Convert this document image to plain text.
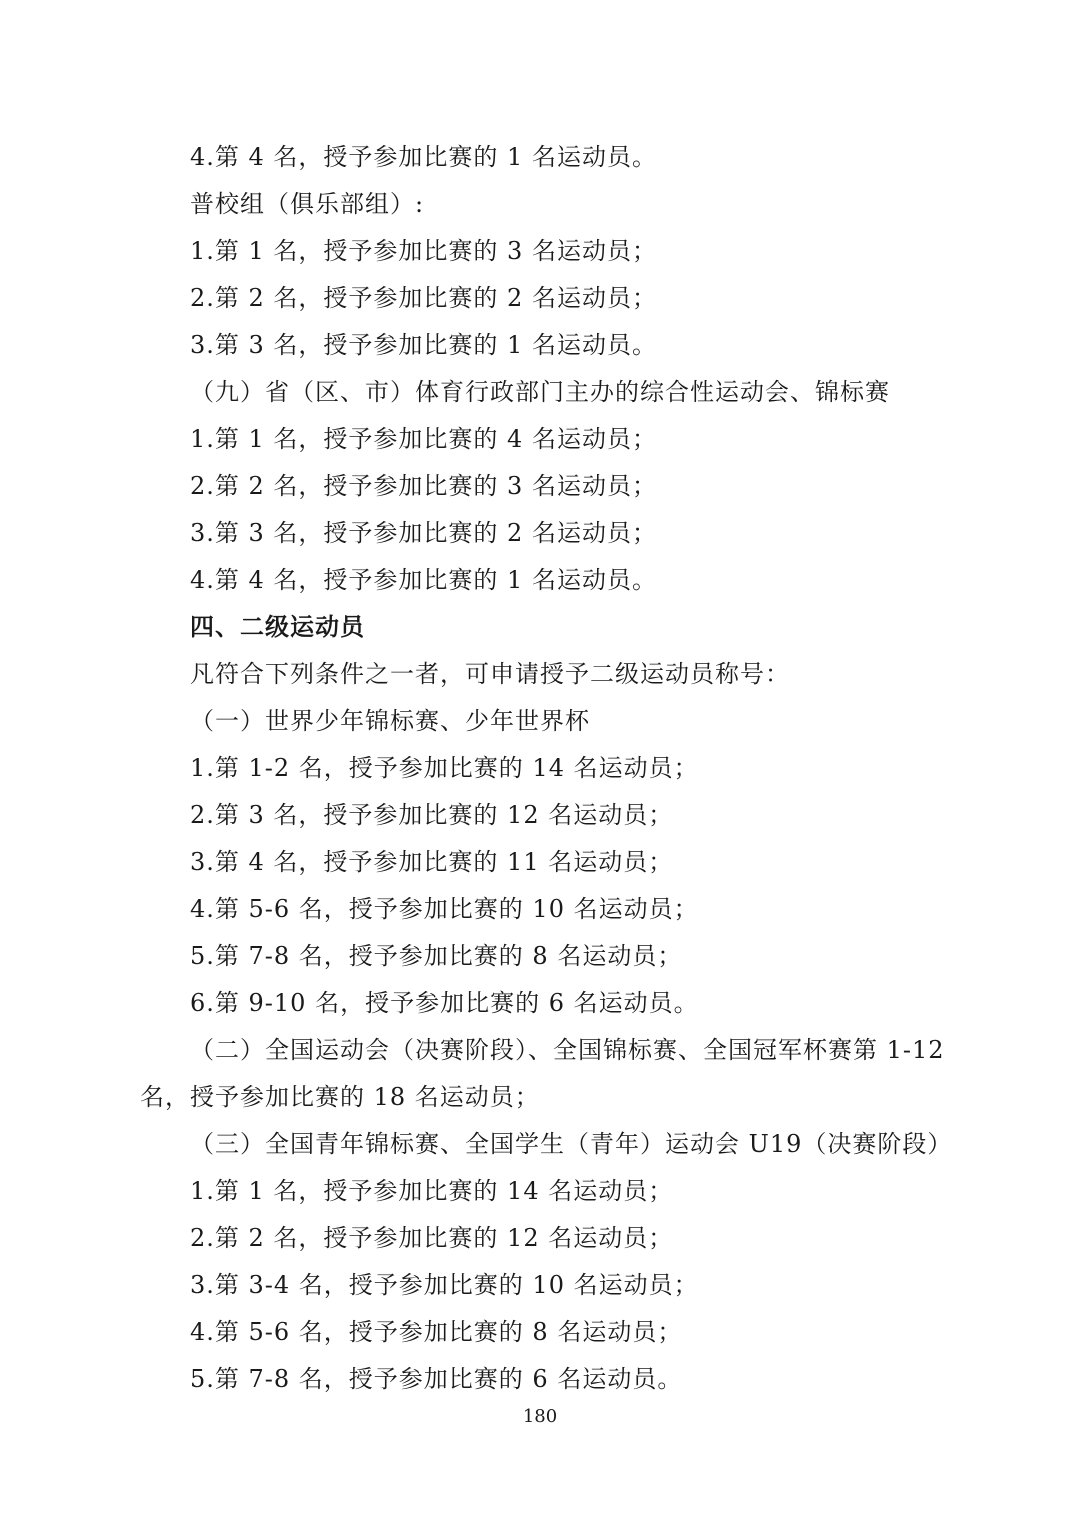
4.第 4 名，授予参加比赛的 1 名运动员。
普校组（俱乐部组）:
1.第 1 名，授予参加比赛的 3 名运动员；
2.第 2 名，授予参加比赛的 2 名运动员；
3.第 3 名，授予参加比赛的 1 名运动员。
（九）省（区、市）体育行政部门主办的综合性运动会、锦标赛
1.第 1 名，授予参加比赛的 4 名运动员；
2.第 2 名，授予参加比赛的 3 名运动员；
3.第 3 名，授予参加比赛的 2 名运动员；
4.第 4 名，授予参加比赛的 1 名运动员。
四、二级运动员
凡符合下列条件之一者，可申请授予二级运动员称号：
（一）世界少年锦标赛、少年世界杯
1.第 1-2 名，授予参加比赛的 14 名运动员；
2.第 3 名，授予参加比赛的 12 名运动员；
3.第 4 名，授予参加比赛的 11 名运动员；
4.第 5-6 名，授予参加比赛的 10 名运动员；
5.第 7-8 名，授予参加比赛的 8 名运动员；
6.第 9-10 名，授予参加比赛的 6 名运动员。
（二）全国运动会（决赛阶段）、全国锦标赛、全国冠军杯赛第 1-12
名，授予参加比赛的 18 名运动员；
（三）全国青年锦标赛、全国学生（青年）运动会 U19（决赛阶段）
1.第 1 名，授予参加比赛的 14 名运动员；
2.第 2 名，授予参加比赛的 12 名运动员；
3.第 3-4 名，授予参加比赛的 10 名运动员；
4.第 5-6 名，授予参加比赛的 8 名运动员；
5.第 7-8 名，授予参加比赛的 6 名运动员。
180
